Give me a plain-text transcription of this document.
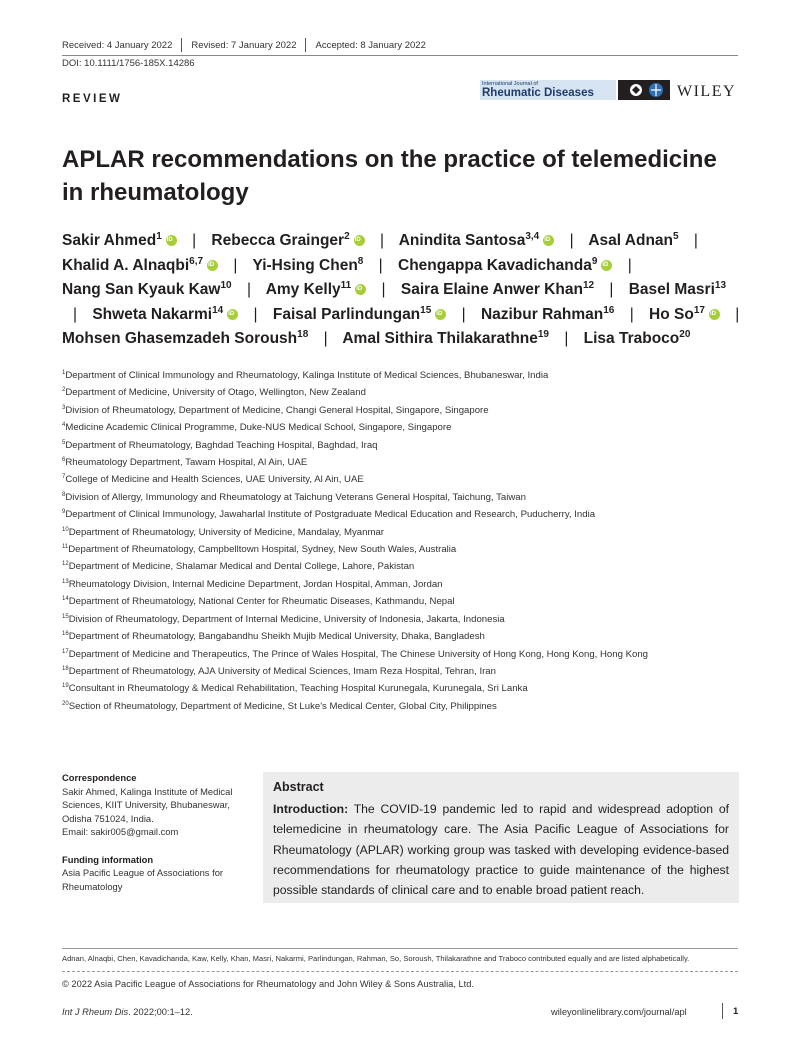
Received: 4 January 2022 Revised: 7 January 2022 Accepted: 8 January 2022
DOI: 10.1111/1756-185X.14286
REVIEW
International Journal of
Rheumatic Diseases	WILEY
APLAR recommendations on the practice of telemedicine in rheumatology
Sakir Ahmed$^1$ iD | Rebecca Grainger$^2$ iD | Anindita Santosa$^{3,4}$ iD | Asal Adnan$^5$ | Khalid A. Alnaqbi$^{6,7}$ iD | Yi-Hsing Chen$^8$ | Chengappa Kavadichanda$^9$ iD | Nang San Kyauk Kaw$^{10}$ | Amy Kelly$^{11}$ iD | Saira Elaine Anwer Khan$^{12}$ | Basel Masri$^{13}$ | Shweta Nakarmi$^{14}$ iD | Faisal Parlindungan$^{15}$ iD | Nazibur Rahman$^{16}$ | Ho So$^{17}$ iD | Mohsen Ghasemzadeh Soroush$^{18}$ | Amal Sithira Thilakarathne$^{19}$ | Lisa Traboco$^{20}$
$^1$Department of Clinical Immunology and Rheumatology, Kalinga Institute of Medical Sciences, Bhubaneswar, India
$^2$Department of Medicine, University of Otago, Wellington, New Zealand
$^3$Division of Rheumatology, Department of Medicine, Changi General Hospital, Singapore, Singapore
$^4$Medicine Academic Clinical Programme, Duke-NUS Medical School, Singapore, Singapore
$^5$Department of Rheumatology, Baghdad Teaching Hospital, Baghdad, Iraq
$^6$Rheumatology Department, Tawam Hospital, Al Ain, UAE
$^7$College of Medicine and Health Sciences, UAE University, Al Ain, UAE
$^8$Division of Allergy, Immunology and Rheumatology at Taichung Veterans General Hospital, Taichung, Taiwan
$^9$Department of Clinical Immunology, Jawaharlal Institute of Postgraduate Medical Education and Research, Puducherry, India
$^{10}$Department of Rheumatology, University of Medicine, Mandalay, Myanmar
$^{11}$Department of Rheumatology, Campbelltown Hospital, Sydney, New South Wales, Australia
$^{12}$Department of Medicine, Shalamar Medical and Dental College, Lahore, Pakistan
$^{13}$Rheumatology Division, Internal Medicine Department, Jordan Hospital, Amman, Jordan
$^{14}$Department of Rheumatology, National Center for Rheumatic Diseases, Kathmandu, Nepal
$^{15}$Division of Rheumatology, Department of Internal Medicine, University of Indonesia, Jakarta, Indonesia
$^{16}$Department of Rheumatology, Bangabandhu Sheikh Mujib Medical University, Dhaka, Bangladesh
$^{17}$Department of Medicine and Therapeutics, The Prince of Wales Hospital, The Chinese University of Hong Kong, Hong Kong, Hong Kong
$^{18}$Department of Rheumatology, AJA University of Medical Sciences, Imam Reza Hospital, Tehran, Iran
$^{19}$Consultant in Rheumatology & Medical Rehabilitation, Teaching Hospital Kurunegala, Kurunegala, Sri Lanka
$^{20}$Section of Rheumatology, Department of Medicine, St Luke's Medical Center, Global City, Philippines
Correspondence
Sakir Ahmed, Kalinga Institute of Medical
Sciences, KIIT University, Bhubaneswar,
Odisha 751024, India.
Email: sakir005@gmail.com
Funding information
Asia Pacific League of Associations for
Rheumatology
Abstract

Introduction: The COVID-19 pandemic led to rapid and widespread adoption of telemedicine in rheumatology care. The Asia Pacific League of Associations for Rheumatology (APLAR) working group was tasked with developing evidence-based recommendations for rheumatology practice to guide maintenance of the highest possible standards of clinical care and to enable broad patient reach.

Adnan, Alnaqbi, Chen, Kavadichanda, Kaw, Kelly, Khan, Masri, Nakarmi, Parlindungan, Rahman, So, Soroush, Thilakarathne and Traboco contributed equally and are listed alphabetically.
© 2022 Asia Pacific League of Associations for Rheumatology and John Wiley & Sons Australia, Ltd.
Int J Rheum Dis. 2022;00:1–12.	wileyonlinelibrary.com/journal/apl	1
